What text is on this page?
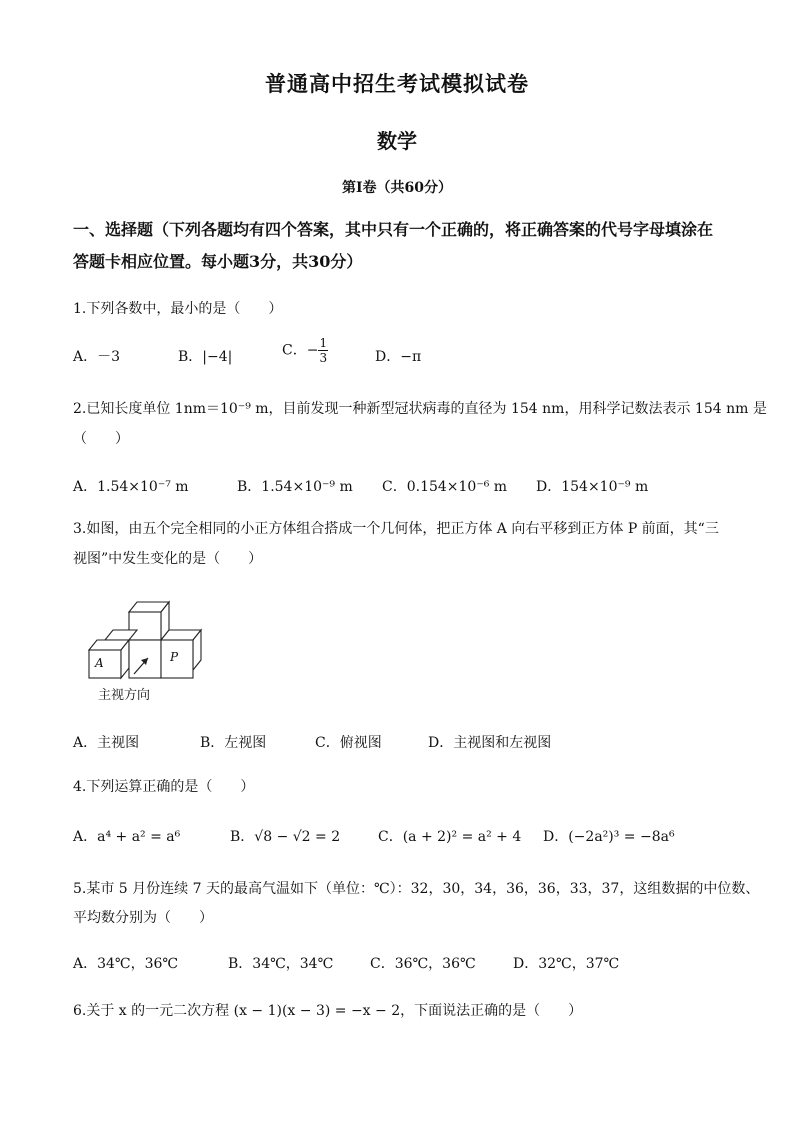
普通高中招生考试模拟试卷
数学
第Ⅰ卷（共60分）
一、选择题（下列各题均有四个答案，其中只有一个正确的，将正确答案的代号字母填涂在
答题卡相应位置。每小题3分，共30分）
1.下列各数中，最小的是（　　）
A．－3	B．|−4|	C．− $\frac{1}{3}$	D．−π
2.已知长度单位 1nm＝10⁻⁹ m，目前发现一种新型冠状病毒的直径为 154 nm，用科学记数法表示 154 nm 是
（　　）
A．1.54×10⁻⁷ m	B．1.54×10⁻⁹ m C．0.154×10⁻⁶ m D．154×10⁻⁹ m
3.如图，由五个完全相同的小正方体组合搭成一个几何体，把正方体 A 向右平移到正方体 P 前面，其“三
视图”中发生变化的是（　　）
A	P
主视方向
A．主视图	B．左视图	C．俯视图	D．主视图和左视图
4.下列运算正确的是（　　）
A．a⁴ + a² = a⁶	B．√8 − √2 = 2	C．(a + 2)² = a² + 4 D．(−2a²)³ = −8a⁶
5.某市 5 月份连续 7 天的最高气温如下（单位：℃）：32，30，34，36，36，33，37，这组数据的中位数、
平均数分别为（　　）
A．34℃，36℃	B．34℃，34℃	C．36℃，36℃	D．32℃，37℃
6.关于 x 的一元二次方程 (x − 1)(x − 3) = −x − 2，下面说法正确的是（　　）
